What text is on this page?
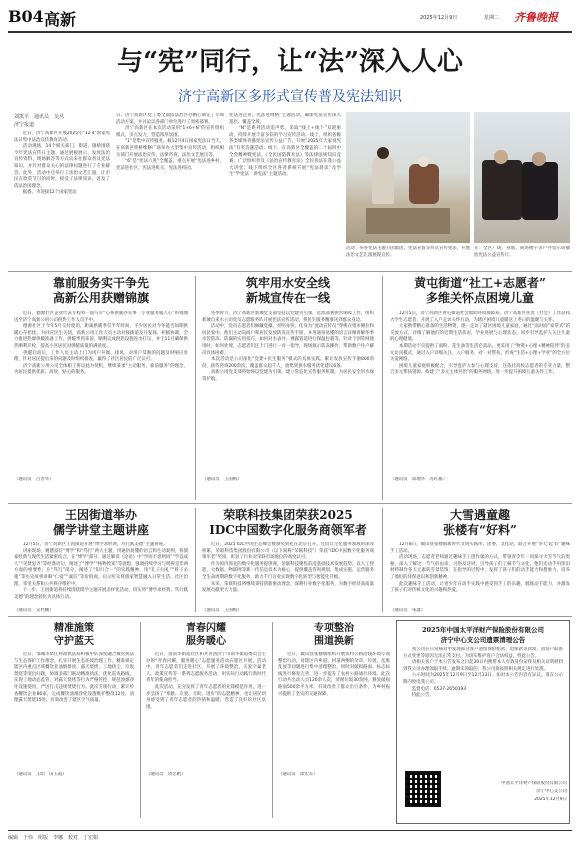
B04 高新	2025年12月9日	星期二 齐鲁晚报
与“宪”同行，让“法”深入人心
济宁高新区多形式宣传普及宪法知识
刘凯平　通讯员　吴丛
济宁报道
　　近日，济宁高新区开展2025年“12·4”国家宪法日集中法治宣传教育活动。
　　活动现场，14个相关部门、街道、镇桥围绕今年宪法宣传日主题，通过展板展示、发放法治宣传资料、现场解答等方式向来往群众普及宪法知识，并针对群众关心的法律问题进行了专业解答。此外，活动中还举行了法治文艺汇演，让市民在欣赏节目的同时，接受了法律知识、普及了依法治国理念。
　　据悉，为迎接12个国家宪法
日，济宁高新区党工委全面依法治区办精心制定了专项活动方案，并讨论以各部门单位进行了周密部署。
　　济宁高新区在本次活动采用“1+6+N”的宣传组织模式，多点发力，营造浓厚氛围。
　　“1”是集中宣传服务。截12月4日国家宪法日当天，在高新区铁桥维修广场举办大型集中宣传活动，组织相关部门开展法治宣传，法律咨询，法治文艺展出等。
　　“6”是“宪法六进”全覆盖。重点开展“宪法进乡村、宪法进社区、宪法进机关、宪法进校园、
宪法进企业、宪法进网格”主题活动，确保宪法宣传深入基层、覆盖全域。
　　“N”是系列活动追声势。采取“线上+线下”双轮驱动，持续开展丰富多彩的学习宣传活动。线上，组织各级各类媒体刊播宪法宣传公益广告，开展“2025年大家说宪法”有奖答题活动；线下，在高新区全覆盖的二十届四中全会精神暨宪法、《全民国防教育法》等法律法规知识竞赛；广泛组织普及《法治宣传教育法》全民普法在我公益大讲堂；线下组织全区各普系统开展“宪法晨读”及学生“学宪法　讲宪法”主题活动。
活动：举办宪法主题公园群团，宪法宣誓等形式宣传宪法，开展法治文艺汇演展现宣传。
在：全区广场、身地、商场楼宇等户外显示屏播放宪法公益宣传片。
靠前服务实干争先
高新公用获赠锦旗
　　近日，德源社区企业代表专程将一面写有“心系供暖办实事　专业服务暖人心”的锦旗送至济宁高新公用公司供热工作人员手中。
　　德源社区于今年5月交付使用，距离供暖季仅半年时间，不少居民对今冬能否如期供暖心存担忧。为回应民生关切，高新公用工作人员主动对接街道及开发商，积极协调，全力推进热源供暖准备工作。供暖季到来前，顺利完成供热设施连水打压，并于11月确保供热顺利开栓，提高小区居民对供暖质量的满意度。
　　供暖启动后，工作人员主动上门为用户开阀、排风，对用户反映的问题及时响应处理，针对居民提出来的问题及时组织排查，赢得了社区居民的广泛认可。
　　济宁高新公用公司全体职工将以此为契机，继续秉承“主动服务，靠前服务”的理念，为居民提供优质、高效、贴心的服务。
（通讯员　吕善华）
筑牢用水安全线
新城宣传在一线
　　冬季时节，济宁高新区新城党支部坚持以党建为引领，选派部署供水保障工作，组织新城自来水公司党员志愿服务队开展宪法宣传活动，将民生服务精准送到群众身边。
　　活动中，党员志愿者们佩戴党徽、亮明身份，化身为“流动宣传员”穿梭在集市摊位和居民家中。他们主动向商户和居民发放防冻宣传手册，并用通俗易懂的语言详细讲解冬季水管防冻、防漏的实用技巧，如何对水表井、裸露管道进行保温包裹等。针对个别管网使用时，如何处理，志愿者们还上门进行一对一指导，现场演示防冻操作，帮助数户住户解决具体困难。
　　本次活动是公司深化“党建+民生服务”模式的具体实践。累计发放宣传手册800余份，接待咨询200余次，覆盖群众超千人，收集到供水服务优化建议6条。
　　高新公用党支部将始终以党建为引领，建立常态化宣传服务机制，为居民安全用水保驾护航。
（通讯员　王国梅）
黄屯街道“社工+志愿者”
多维关怀点困境儿童
　　12月5日，济宁高新区黄屯街道社会救助环境保障局、济宁高新区慈善（社会）工作站和大学生志愿者，开展了入户走访关怀行动，为辖区困境儿童暖送上冬日的温暖与关怀。
　　大家携带精心准备的生活物资，逐一走访了辖区困境儿童家庭，通过“面对面”家常式”的交流方式，详细了解他们的近期生活状况，学业进展与心理状态。同步引导监护人关注儿童的心理健康。
　　本期活动不仅提供了面粉、花生油等生活必需品，更采用了“物资+心理+精神陪伴”的多元访问模式，通过入户详细关注，入户服务，对一对帮扶，形成“生活+心理+学业”的全方位关爱网络。
　　困境儿童家庭积极配合，引导监护人参与心理支持，还依托高校志愿者的专业力量，整合多元帮扶资源，构建了“多元主体共治”的服务网络，进一步提升困境儿童关怀工作。
（通讯员　琼地华　苏红雁）
王因街道举办
儒学讲堂主题讲座
　　12月5日，济宁高新区王因街道开展“博学求经典，笃行践美德”主题讲座。
　　讲座现场，姚德富灯“博学”和“笃行”两大主题，用通俗易懂的语言和生动案例，将儒家经典与现代生活紧密结合，在“博学”部分，通过解读《论语》中“学而不思则罔”“学以成人”“见贤思齐”等经典语句，阐述了“博学”“格物致知”等思想，强调持续学习与明辨是非两方面的重要性；在“笃行”部分，阐述了“知行合一”的实践精神，用“孔子问礼”“曾子杀猪”等历史故事讲解“仁爱”“诚信”等价值观，启示听众将儒家智慧融入日常生活、社区治理、邻里关系和公共秩序维护中。
　　下一步，王因街道将持续围绕儒学主题开展多样化活动，切实将“博学求经典，笃行践美德”的理念转化为具体行动。
（通讯员　吴杜鹏）
荣联科技集团荣获2025
IDC中国数字化服务商领军者
　　近日，2025 IDC中国生态峰会暨颁奖典礼在北京召开。凭借自主化服务领域的深厚积累，荣联科技集团股份有限公司（以下简称“荣联科技”）荣获“IDC中国数字化服务商领军者”奖项，彰显了行业对荣联市场地位的高度认可。
　　作为国内领先的数字化服务提供商，荣联科技聚焦前沿基础技术发展趋势，以人工智能、大数据、物联网等新一代信息技术为核心，提供覆盖咨询规划、集成实施、运营服务全生命周期的数字化服务，助力千行百业实现数字化转型与智能化升级。
　　未来，荣联科技将继续秉持创新驱动理念，深耕行业数字化服务，为数字经济高质量发展贡献更大力量。
（通讯员　王国梅）
大雪遇童趣
张楼有“好料”
　　12月8日，微山县张楼镇新时代文明实践所、团委、文化站，联合开展“冬天‘起’好”趣味手工活动。
　　活动现场，志愿者老师通过趣味手工创作课的方式，带领青少年一同探寻大雪节气的奥秘，深入了解这一节气的由来、习俗及诗词，引导孩子们了解节气文化，他们还动手用废旧材料制作冬天元素的雪景装饰，在指导的过程中，发挥了孩子们的动手能力和想象力，培养了他们的环保意识和创新精神。
　　此次趣味手工活动，让青少年在动手实践中感受到手工的乐趣，锻炼动手能力，并激发了孩子们对传统文化的兴趣和热爱。
（通讯员　朱潇）
精准施策
守护蓝天
　　近日，邹城市柴庄村政执法局积极中队深度融合城管执法与生态保护工作理念，扎实开展生态环境治理工作。精准锁定辖区内重点区域餐饮业油烟排放、露天烧烤、工地扬尘、垃圾焚烧等突出问题，协调多部门联动精准执法，优化巡查路线，实现工地动态监管，对露天烧烤等行为严格管控，规范油烟净化设施使用，严厉打击违规焚烧行为。此次专项行动，累计检查餐饮企业86家，完成餐饮油烟净化设施维护整改12处，清理露天焚烧15处，有效改善了辖区空气质量。
（通讯员　王昭　田玉霞）
青春闪耀
服务暖心
　　近日，由南华街道社区和共青团济宁市南华街道委员会主办的“青春闪耀，服务暖心”志愿服务活动在辖区开展。活动中，青年志愿者们走进社区，开展了环境整治、关爱空巢老人、政策宣传等一系列志愿服务活动，用实际行动践行新时代青年的使命担当。
　　此次活动，充分发挥了青年志愿者的先锋模范作用，进一步弘扬了“奉献、友爱、互助、进步”的志愿精神，也让居民切身感受到了青年志愿者的热情和温暖，营造了良好的社区氛围。
（通讯员　周忠帆）
专项整治
围道换新
　　近日，微山县张楼镇组织开展农村公路沿线环境专项整治行动，对辖区内乡道、村道两侧的杂草、垃圾、乱堆乱放等问题进行集中清理整治，同时对破损路面、标志标线进行修复完善，进一步提升了农村公路通行环境。此次行动共出动人员120余人次，清理垃圾30余吨，修复破损路面500余平方米，有效改善了群众出行条件，为乡村振兴提供了坚实的交通保障。
（通讯员　徐宏军）
2025年中国太平洋财产保险股份有限公司
济宁中心支公司遗票清理公告
　　我公司在日常核对中发现部分客户遗留保险赔款、退保款等款项，因客户联系方式变更等原因无法正常支付。为切实维护客户合法权益，特此公告。
　　请相关客户于本公告发布之日起30日内携带本人有效身份证件及相关证明材料到我公司办理领取手续。逾期未领取的，我公司将按照相关规定进行处理。
　　公示时间为2025年12月9日至12月13日。如对本公告内容有异议，请在公示期内致电我公司。
　　监督电话：0537-2650393
　　特此公告。
中国太平洋财产保险股份有限公司
济宁中心支公司
2025年12月9日
编辑　于伟　组版　李娜　校对　丁宏娟
